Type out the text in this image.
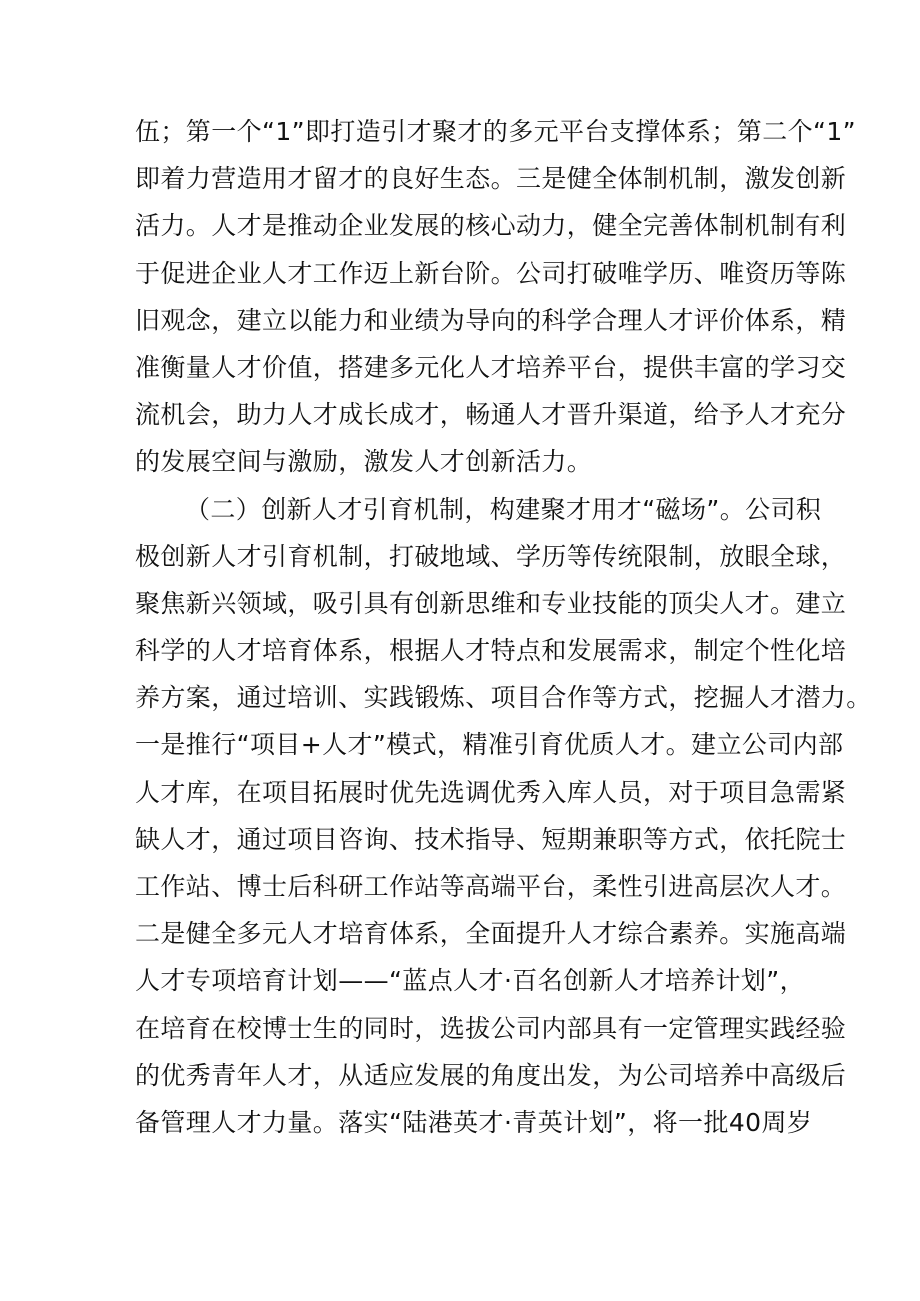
伍；第一个“1”即打造引才聚才的多元平台支撑体系；第二个“1”
即着力营造用才留才的良好生态。三是健全体制机制，激发创新
活力。人才是推动企业发展的核心动力，健全完善体制机制有利
于促进企业人才工作迈上新台阶。公司打破唯学历、唯资历等陈
旧观念，建立以能力和业绩为导向的科学合理人才评价体系，精
准衡量人才价值，搭建多元化人才培养平台，提供丰富的学习交
流机会，助力人才成长成才，畅通人才晋升渠道，给予人才充分
的发展空间与激励，激发人才创新活力。
（二）创新人才引育机制，构建聚才用才“磁场”。公司积
极创新人才引育机制，打破地域、学历等传统限制，放眼全球，
聚焦新兴领域，吸引具有创新思维和专业技能的顶尖人才。建立
科学的人才培育体系，根据人才特点和发展需求，制定个性化培
养方案，通过培训、实践锻炼、项目合作等方式，挖掘人才潜力。
一是推行“项目+人才”模式，精准引育优质人才。建立公司内部
人才库，在项目拓展时优先选调优秀入库人员，对于项目急需紧
缺人才，通过项目咨询、技术指导、短期兼职等方式，依托院士
工作站、博士后科研工作站等高端平台，柔性引进高层次人才。
二是健全多元人才培育体系，全面提升人才综合素养。实施高端
人才专项培育计划——“蓝点人才·百名创新人才培养计划”，
在培育在校博士生的同时，选拔公司内部具有一定管理实践经验
的优秀青年人才，从适应发展的角度出发，为公司培养中高级后
备管理人才力量。落实“陆港英才·青英计划”，将一批40周岁
